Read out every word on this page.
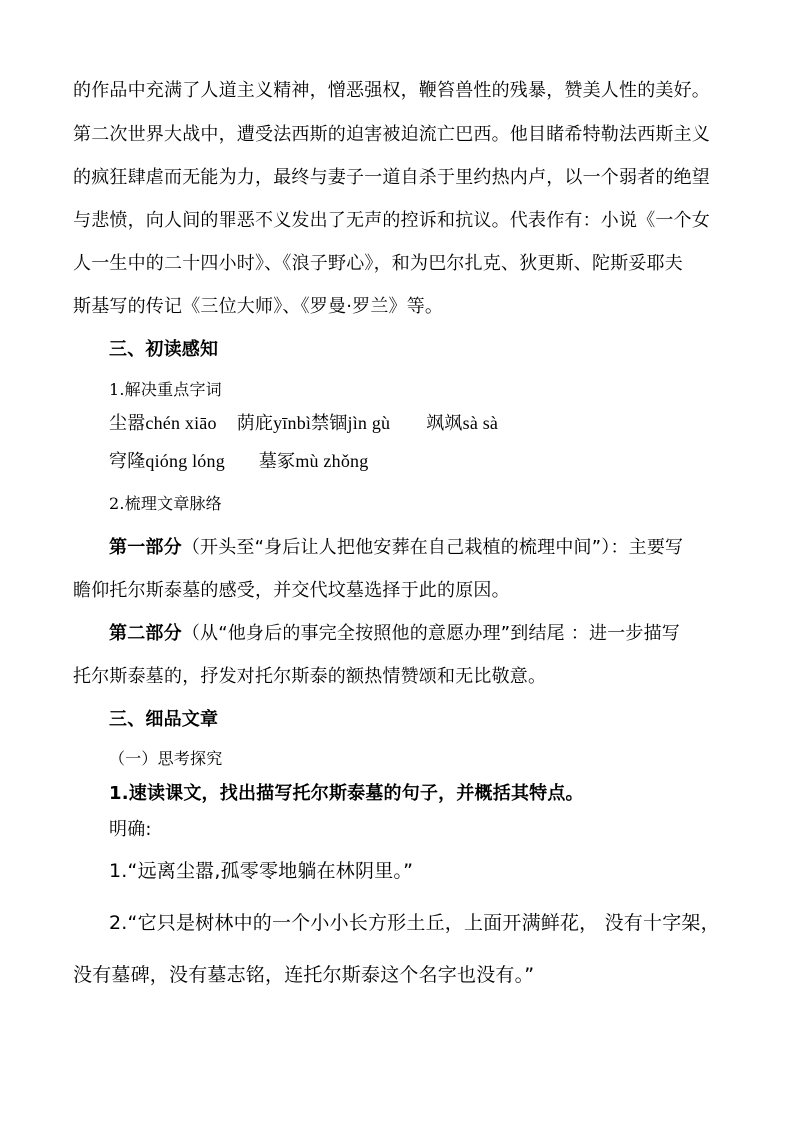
的作品中充满了人道主义精神，憎恶强权，鞭笞兽性的残暴，赞美人性的美好。
第二次世界大战中，遭受法西斯的迫害被迫流亡巴西。他目睹希特勒法西斯主义
的疯狂肆虐而无能为力，最终与妻子一道自杀于里约热内卢，以一个弱者的绝望
与悲愤，向人间的罪恶不义发出了无声的控诉和抗议。代表作有：小说《一个女
人一生中的二十四小时》、《浪子野心》，和为巴尔扎克、狄更斯、陀斯妥耶夫
斯基写的传记《三位大师》、《罗曼·罗兰》等。
三、初读感知
1.解决重点字词
尘嚣chén xiāo 荫庇yīnbì禁锢jìn gù 飒飒sà sà
穹隆qióng lóng 墓冢mù zhǒng
2.梳理文章脉络
第一部分（开头至“身后让人把他安葬在自己栽植的梳理中间”）：主要写
瞻仰托尔斯泰墓的感受，并交代坟墓选择于此的原因。
第二部分（从“他身后的事完全按照他的意愿办理”到结尾 ：进一步描写
托尔斯泰墓的，抒发对托尔斯泰的额热情赞颂和无比敬意。
三、细品文章
（一）思考探究
1.速读课文，找出描写托尔斯泰墓的句子，并概括其特点。
明确:
1.“远离尘嚣,孤零零地躺在林阴里。”
2.“它只是树林中的一个小小长方形土丘，上面开满鲜花， 没有十字架，
没有墓碑，没有墓志铭，连托尔斯泰这个名字也没有。”
